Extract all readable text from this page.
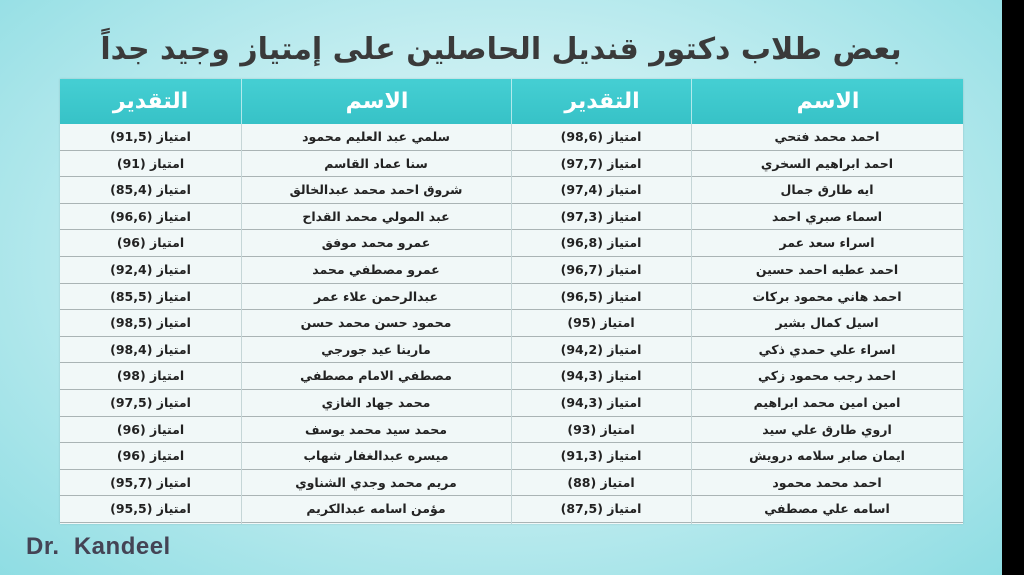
بعض طلاب دكتور قنديل الحاصلين على إمتياز وجيد جداً
التقدير	الاسم	التقدير	الاسم
امتياز (91,5)	سلمي عبد العليم محمود	امتياز (98,6)	احمد محمد فتحي
امتياز (91)	سنا عماد القاسم	امتياز (97,7)	احمد ابراهيم السخري
امتياز (85,4)	شروق احمد محمد عبدالخالق	امتياز (97,4)	ايه طارق جمال
امتياز (96,6)	عبد المولي محمد القداح	امتياز (97,3)	اسماء صبري احمد
امتياز (96)	عمرو محمد موفق	امتياز (96,8)	اسراء سعد عمر
امتياز (92,4)	عمرو مصطفي محمد	امتياز (96,7)	احمد عطيه احمد حسين
امتياز (85,5)	عبدالرحمن علاء عمر	امتياز (96,5)	احمد هاني محمود بركات
امتياز (98,5)	محمود حسن محمد حسن	امتياز (95)	اسيل كمال بشير
امتياز (98,4)	مارينا عيد جورجي	امتياز (94,2)	اسراء علي حمدي ذكي
امتياز (98)	مصطفي الامام مصطفي	امتياز (94,3)	احمد رجب محمود زكي
امتياز (97,5)	محمد جهاد الغازي	امتياز (94,3)	امين امين محمد ابراهيم
امتياز (96)	محمد سيد محمد يوسف	امتياز (93)	اروي طارق علي سيد
امتياز (96)	ميسره عبدالغفار شهاب	امتياز (91,3)	ايمان صابر سلامه درويش
امتياز (95,7)	مريم محمد وجدي الشناوي	امتياز (88)	احمد محمد محمود
امتياز (95,5)	مؤمن اسامه عبدالكريم	امتياز (87,5)	اسامه علي مصطفي
Dr.  Kandeel
